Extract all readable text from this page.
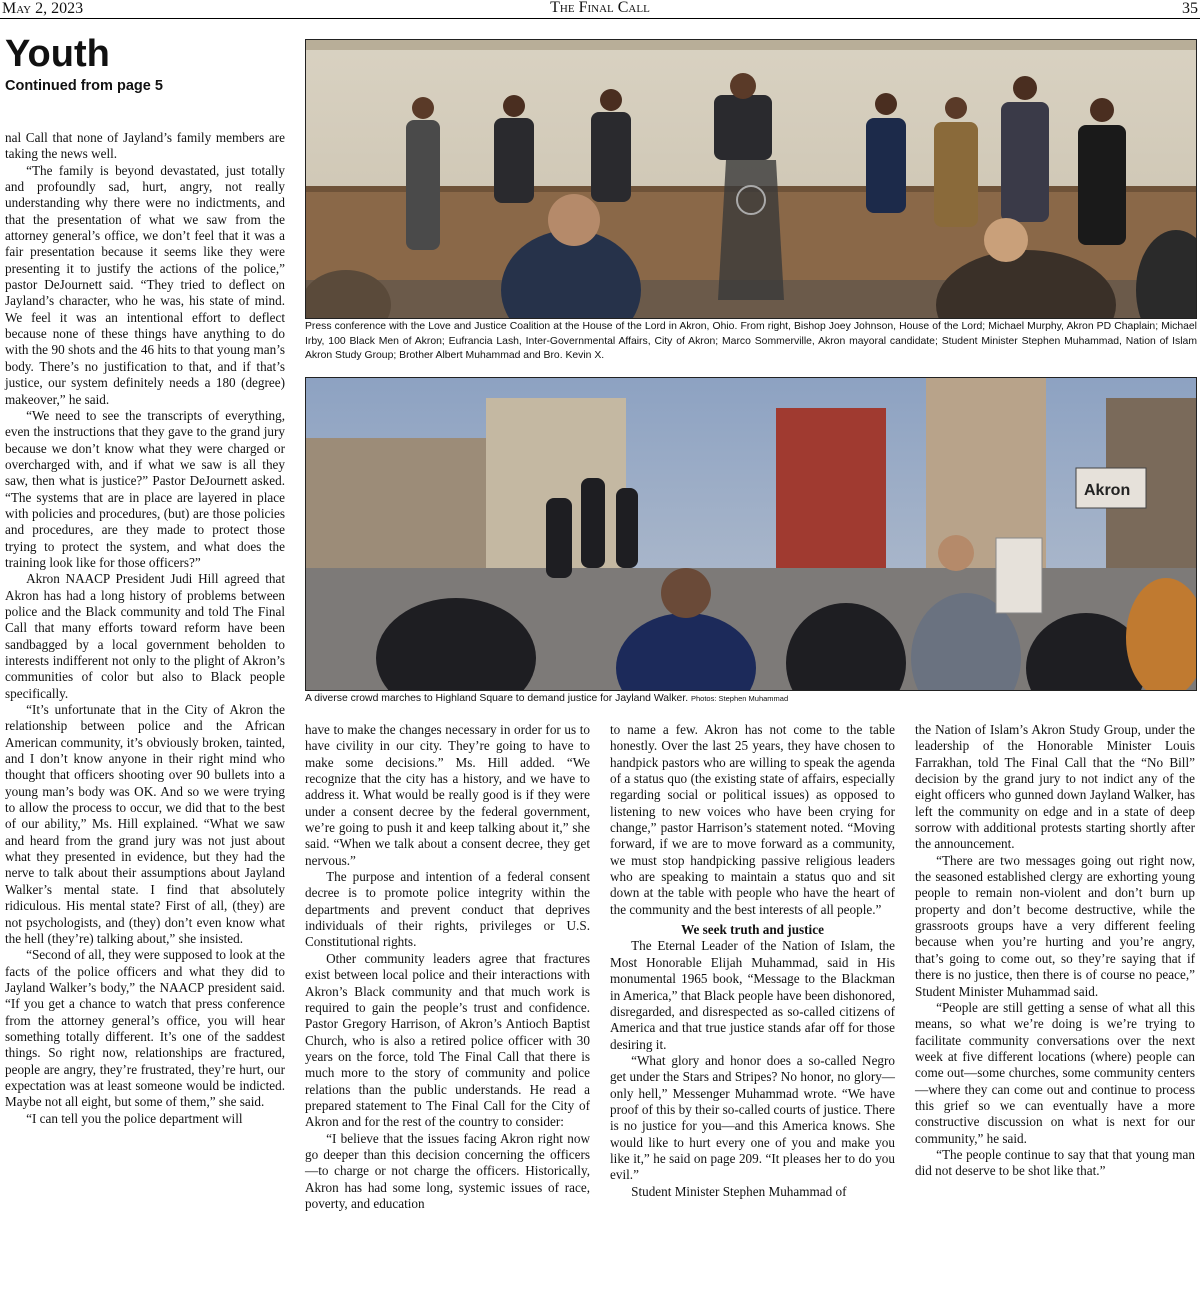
May 2, 2023	The Final Call	35
Youth
Continued from page 5

nal Call that none of Jayland’s family members are taking the news well.

“The family is beyond devastated, just totally and profoundly sad, hurt, angry, not really understanding why there were no indictments, and that the presentation of what we saw from the attorney general’s office, we don’t feel that it was a fair presentation because it seems like they were presenting it to justify the actions of the police,” pastor DeJournett said. “They tried to deflect on Jayland’s character, who he was, his state of mind. We feel it was an intentional effort to deflect because none of these things have anything to do with the 90 shots and the 46 hits to that young man’s body. There’s no justification to that, and if that’s justice, our system definitely needs a 180 (degree) makeover,” he said.

“We need to see the transcripts of everything, even the instructions that they gave to the grand jury because we don’t know what they were charged or overcharged with, and if what we saw is all they saw, then what is justice?” Pastor DeJournett asked. “The systems that are in place are layered in place with policies and procedures, (but) are those policies and procedures, are they made to protect those trying to protect the system, and what does the training look like for those officers?”

Akron NAACP President Judi Hill agreed that Akron has had a long history of problems between police and the Black community and told The Final Call that many efforts toward reform have been sandbagged by a local government beholden to interests indifferent not only to the plight of Akron’s communities of color but also to Black people specifically.

“It’s unfortunate that in the City of Akron the relationship between police and the African American community, it’s obviously broken, tainted, and I don’t know anyone in their right mind who thought that officers shooting over 90 bullets into a young man’s body was OK. And so we were trying to allow the process to occur, we did that to the best of our ability,” Ms. Hill explained. “What we saw and heard from the grand jury was not just about what they presented in evidence, but they had the nerve to talk about their assumptions about Jayland Walker’s mental state. I find that absolutely ridiculous. His mental state? First of all, (they) are not psychologists, and (they) don’t even know what the hell (they’re) talking about,” she insisted.

“Second of all, they were supposed to look at the facts of the police officers and what they did to Jayland Walker’s body,” the NAACP president said. “If you get a chance to watch that press conference from the attorney general’s office, you will hear something totally different. It’s one of the saddest things. So right now, relationships are fractured, people are angry, they’re frustrated, they’re hurt, our expectation was at least someone would be indicted. Maybe not all eight, but some of them,” she said.

“I can tell you the police department will

Press conference with the Love and Justice Coalition at the House of the Lord in Akron, Ohio. From right, Bishop Joey Johnson, House of the Lord; Michael Murphy, Akron PD Chaplain; Michael Irby, 100 Black Men of Akron; Eufrancia Lash, Inter-Governmental Affairs, City of Akron; Marco Sommerville, Akron mayoral candidate; Student Minister Stephen Muhammad, Nation of Islam Akron Study Group; Brother Albert Muhammad and Bro. Kevin X.
Akron
A diverse crowd marches to Highland Square to demand justice for Jayland Walker. Photos: Stephen Muhammad

have to make the changes necessary in order for us to have civility in our city. They’re going to have to make some decisions.” Ms. Hill added. “We recognize that the city has a history, and we have to address it. What would be really good is if they were under a consent decree by the federal government, we’re going to push it and keep talking about it,” she said. “When we talk about a consent decree, they get nervous.”

The purpose and intention of a federal consent decree is to promote police integrity within the departments and prevent conduct that deprives individuals of their rights, privileges or U.S. Constitutional rights.

Other community leaders agree that fractures exist between local police and their interactions with Akron’s Black community and that much work is required to gain the people’s trust and confidence. Pastor Gregory Harrison, of Akron’s Antioch Baptist Church, who is also a retired police officer with 30 years on the force, told The Final Call that there is much more to the story of community and police relations than the public understands. He read a prepared statement to The Final Call for the City of Akron and for the rest of the country to consider:

“I believe that the issues facing Akron right now go deeper than this decision concerning the officers—to charge or not charge the officers. Historically, Akron has had some long, systemic issues of race, poverty, and education

to name a few. Akron has not come to the table honestly. Over the last 25 years, they have chosen to handpick pastors who are willing to speak the agenda of a status quo (the existing state of affairs, especially regarding social or political issues) as opposed to listening to new voices who have been crying for change,” pastor Harrison’s statement noted. “Moving forward, if we are to move forward as a community, we must stop handpicking passive religious leaders who are speaking to maintain a status quo and sit down at the table with people who have the heart of the community and the best interests of all people.”

We seek truth and justice

The Eternal Leader of the Nation of Islam, the Most Honorable Elijah Muhammad, said in His monumental 1965 book, “Message to the Blackman in America,” that Black people have been dishonored, disregarded, and disrespected as so-called citizens of America and that true justice stands afar off for those desiring it.

“What glory and honor does a so-called Negro get under the Stars and Stripes? No honor, no glory—only hell,” Messenger Muhammad wrote. “We have proof of this by their so-called courts of justice. There is no justice for you—and this America knows. She would like to hurt every one of you and make you like it,” he said on page 209. “It pleases her to do you evil.”

Student Minister Stephen Muhammad of

the Nation of Islam’s Akron Study Group, under the leadership of the Honorable Minister Louis Farrakhan, told The Final Call that the “No Bill” decision by the grand jury to not indict any of the eight officers who gunned down Jayland Walker, has left the community on edge and in a state of deep sorrow with additional protests starting shortly after the announcement.

“There are two messages going out right now, the seasoned established clergy are exhorting young people to remain non-violent and don’t burn up property and don’t become destructive, while the grassroots groups have a very different feeling because when you’re hurting and you’re angry, that’s going to come out, so they’re saying that if there is no justice, then there is of course no peace,” Student Minister Muhammad said.

“People are still getting a sense of what all this means, so what we’re doing is we’re trying to facilitate community conversations over the next week at five different locations (where) people can come out—some churches, some community centers—where they can come out and continue to process this grief so we can eventually have a more constructive discussion on what is next for our community,” he said.

“The people continue to say that that young man did not deserve to be shot like that.”
